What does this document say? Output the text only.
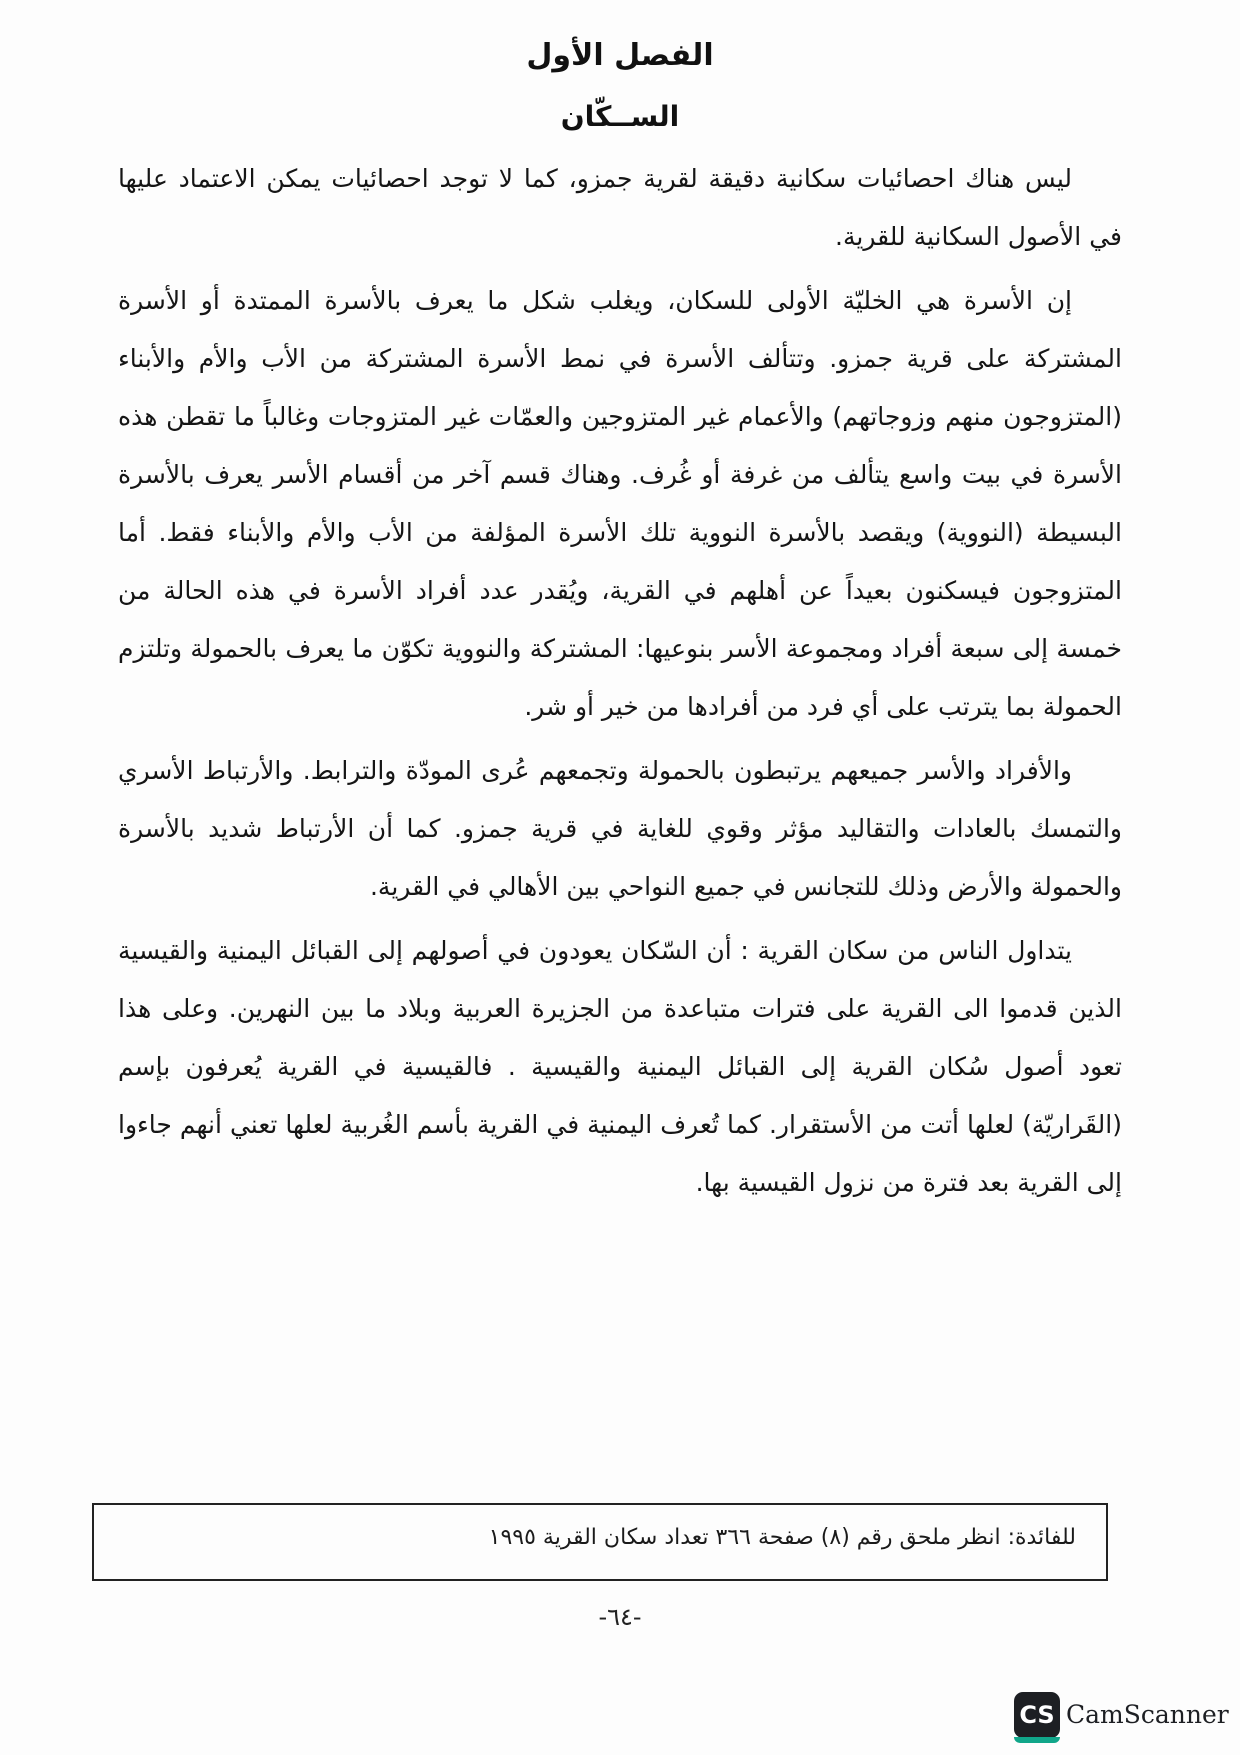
الفصل الأول
الســكّان

ليس هناك احصائيات سكانية دقيقة لقرية جمزو، كما لا توجد احصائيات يمكن الاعتماد عليها في الأصول السكانية للقرية.

إن الأسرة هي الخليّة الأولى للسكان، ويغلب شكل ما يعرف بالأسرة الممتدة أو الأسرة المشتركة على قرية جمزو. وتتألف الأسرة في نمط الأسرة المشتركة من الأب والأم والأبناء (المتزوجون منهم وزوجاتهم) والأعمام غير المتزوجين والعمّات غير المتزوجات وغالباً ما تقطن هذه الأسرة في بيت واسع يتألف من غرفة أو غُرف. وهناك قسم آخر من أقسام الأسر يعرف بالأسرة البسيطة (النووية) ويقصد بالأسرة النووية تلك الأسرة المؤلفة من الأب والأم والأبناء فقط. أما المتزوجون فيسكنون بعيداً عن أهلهم في القرية، ويُقدر عدد أفراد الأسرة في هذه الحالة من خمسة إلى سبعة أفراد ومجموعة الأسر بنوعيها: المشتركة والنووية تكوّن ما يعرف بالحمولة وتلتزم الحمولة بما يترتب على أي فرد من أفرادها من خير أو شر.

والأفراد والأسر جميعهم يرتبطون بالحمولة وتجمعهم عُرى المودّة والترابط. والأرتباط الأسري والتمسك بالعادات والتقاليد مؤثر وقوي للغاية في قرية جمزو. كما أن الأرتباط شديد بالأسرة والحمولة والأرض وذلك للتجانس في جميع النواحي بين الأهالي في القرية.

يتداول الناس من سكان القرية : أن السّكان يعودون في أصولهم إلى القبائل اليمنية والقيسية الذين قدموا الى القرية على فترات متباعدة من الجزيرة العربية وبلاد ما بين النهرين. وعلى هذا تعود أصول سُكان القرية إلى القبائل اليمنية والقيسية . فالقيسية في القرية يُعرفون بإسم (القَراريّة) لعلها أتت من الأستقرار. كما تُعرف اليمنية في القرية بأسم الغُربية لعلها تعني أنهم جاءوا إلى القرية بعد فترة من نزول القيسية بها.

للفائدة: انظر ملحق رقم (٨) صفحة ٣٦٦ تعداد سكان القرية ١٩٩٥
-٦٤-
CS CamScanner
